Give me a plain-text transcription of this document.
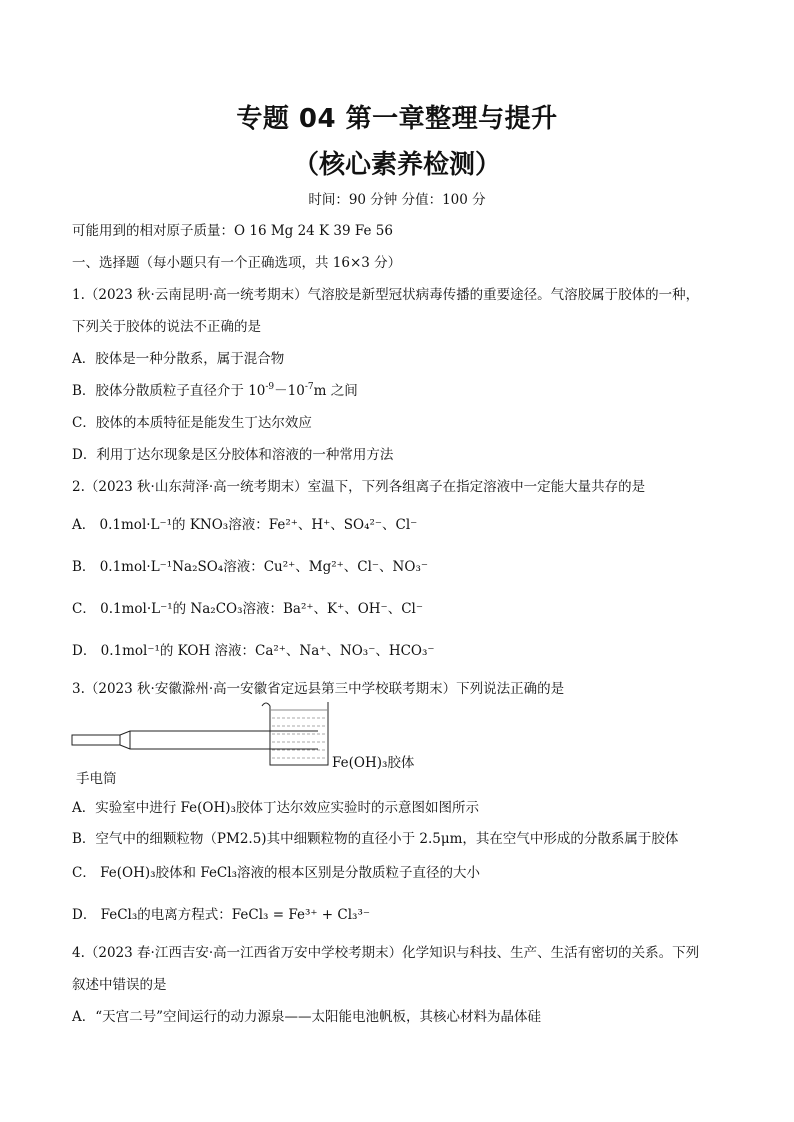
专题 04 第一章整理与提升
（核心素养检测）
时间：90 分钟 分值：100 分
可能用到的相对原子质量：O 16 Mg 24 K 39 Fe 56
一、选择题（每小题只有一个正确选项，共 16×3 分）
1.（2023 秋·云南昆明·高一统考期末）气溶胶是新型冠状病毒传播的重要途径。气溶胶属于胶体的一种，
下列关于胶体的说法不正确的是
A．胶体是一种分散系，属于混合物
B．胶体分散质粒子直径介于 $10^{-9}-10^{-7}m$ 之间
C．胶体的本质特征是能发生丁达尔效应
D．利用丁达尔现象是区分胶体和溶液的一种常用方法
2.（2023 秋·山东菏泽·高一统考期末）室温下，下列各组离子在指定溶液中一定能大量共存的是
A． 0.1mol·L⁻¹的 KNO₃溶液：Fe²⁺、H⁺、SO₄²⁻、Cl⁻
B． 0.1mol·L⁻¹Na₂SO₄溶液：Cu²⁺、Mg²⁺、Cl⁻、NO₃⁻
C． 0.1mol·L⁻¹的 Na₂CO₃溶液：Ba²⁺、K⁺、OH⁻、Cl⁻
D． 0.1mol⁻¹的 KOH 溶液：Ca²⁺、Na⁺、NO₃⁻、HCO₃⁻
3.（2023 秋·安徽滁州·高一安徽省定远县第三中学校联考期末）下列说法正确的是
Fe(OH)₃胶体
手电筒
A．实验室中进行 Fe(OH)₃胶体丁达尔效应实验时的示意图如图所示
B．空气中的细颗粒物（PM2.5)其中细颗粒物的直径小于 2.5μm，其在空气中形成的分散系属于胶体
C． Fe(OH)₃胶体和 FeCl₃溶液的根本区别是分散质粒子直径的大小
D． FeCl₃的电离方程式：FeCl₃ = Fe³⁺ + Cl₃³⁻
4.（2023 春·江西吉安·高一江西省万安中学校考期末）化学知识与科技、生产、生活有密切的关系。下列
叙述中错误的是
A．“天宫二号”空间运行的动力源泉——太阳能电池帆板，其核心材料为晶体硅
